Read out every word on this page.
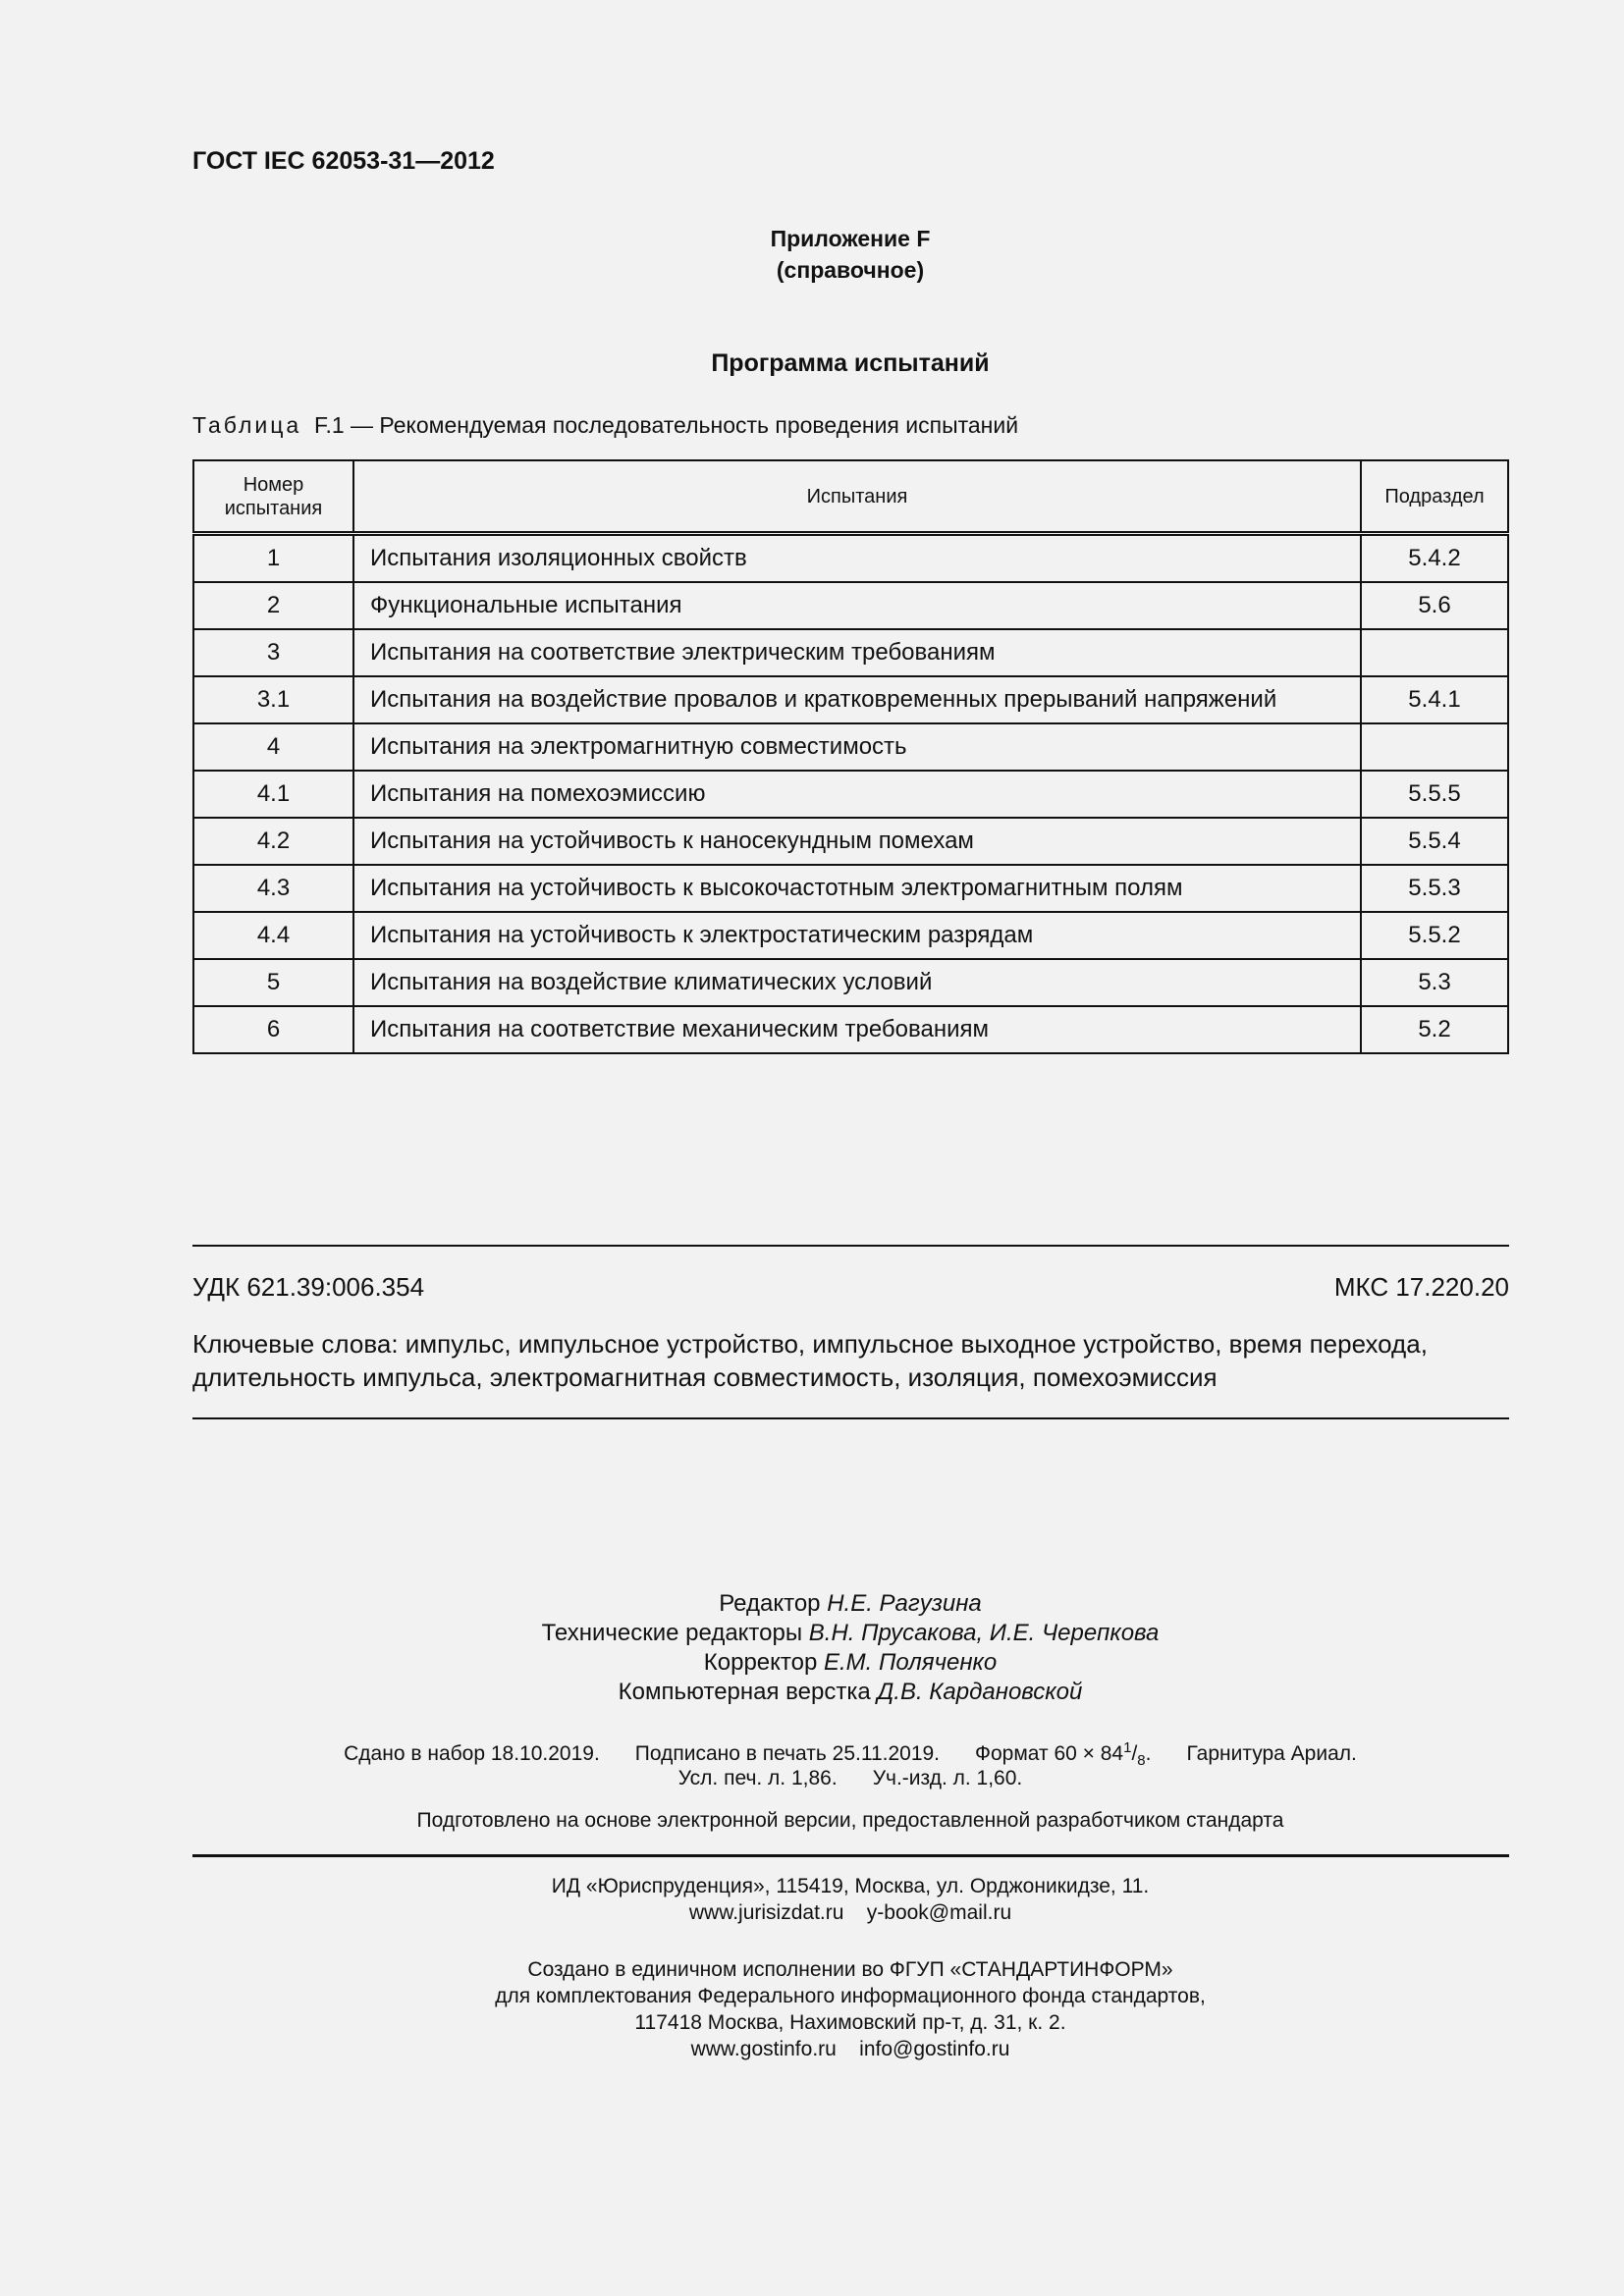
ГОСТ IEC 62053-31—2012
Приложение F
(справочное)
Программа испытаний
Таблица F.1 — Рекомендуемая последовательность проведения испытаний
Номер испытания	Испытания	Подраздел
1	Испытания изоляционных свойств	5.4.2
2	Функциональные испытания	5.6
3	Испытания на соответствие электрическим требованиям	
3.1	Испытания на воздействие провалов и кратковременных прерываний напряжений	5.4.1
4	Испытания на электромагнитную совместимость	
4.1	Испытания на помехоэмиссию	5.5.5
4.2	Испытания на устойчивость к наносекундным помехам	5.5.4
4.3	Испытания на устойчивость к высокочастотным электромагнитным полям	5.5.3
4.4	Испытания на устойчивость к электростатическим разрядам	5.5.2
5	Испытания на воздействие климатических условий	5.3
6	Испытания на соответствие механическим требованиям	5.2
УДК 621.39:006.354	МКС 17.220.20
Ключевые слова: импульс, импульсное устройство, импульсное выходное устройство, время перехода, длительность импульса, электромагнитная совместимость, изоляция, помехоэмиссия
Редактор Н.Е. Рагузина
Технические редакторы В.Н. Прусакова, И.Е. Черепкова
Корректор Е.М. Поляченко
Компьютерная верстка Д.В. Кардановской
Сдано в набор 18.10.2019. Подписано в печать 25.11.2019. Формат $60 \times 84^1/_8$. Гарнитура Ариал.
Усл. печ. л. 1,86. Уч.-изд. л. 1,60.
Подготовлено на основе электронной версии, предоставленной разработчиком стандарта
ИД «Юриспруденция», 115419, Москва, ул. Орджоникидзе, 11.
www.jurisizdat.ru y-book@mail.ru
Создано в единичном исполнении во ФГУП «СТАНДАРТИНФОРМ»
для комплектования Федерального информационного фонда стандартов,
117418 Москва, Нахимовский пр-т, д. 31, к. 2.
www.gostinfo.ru info@gostinfo.ru
